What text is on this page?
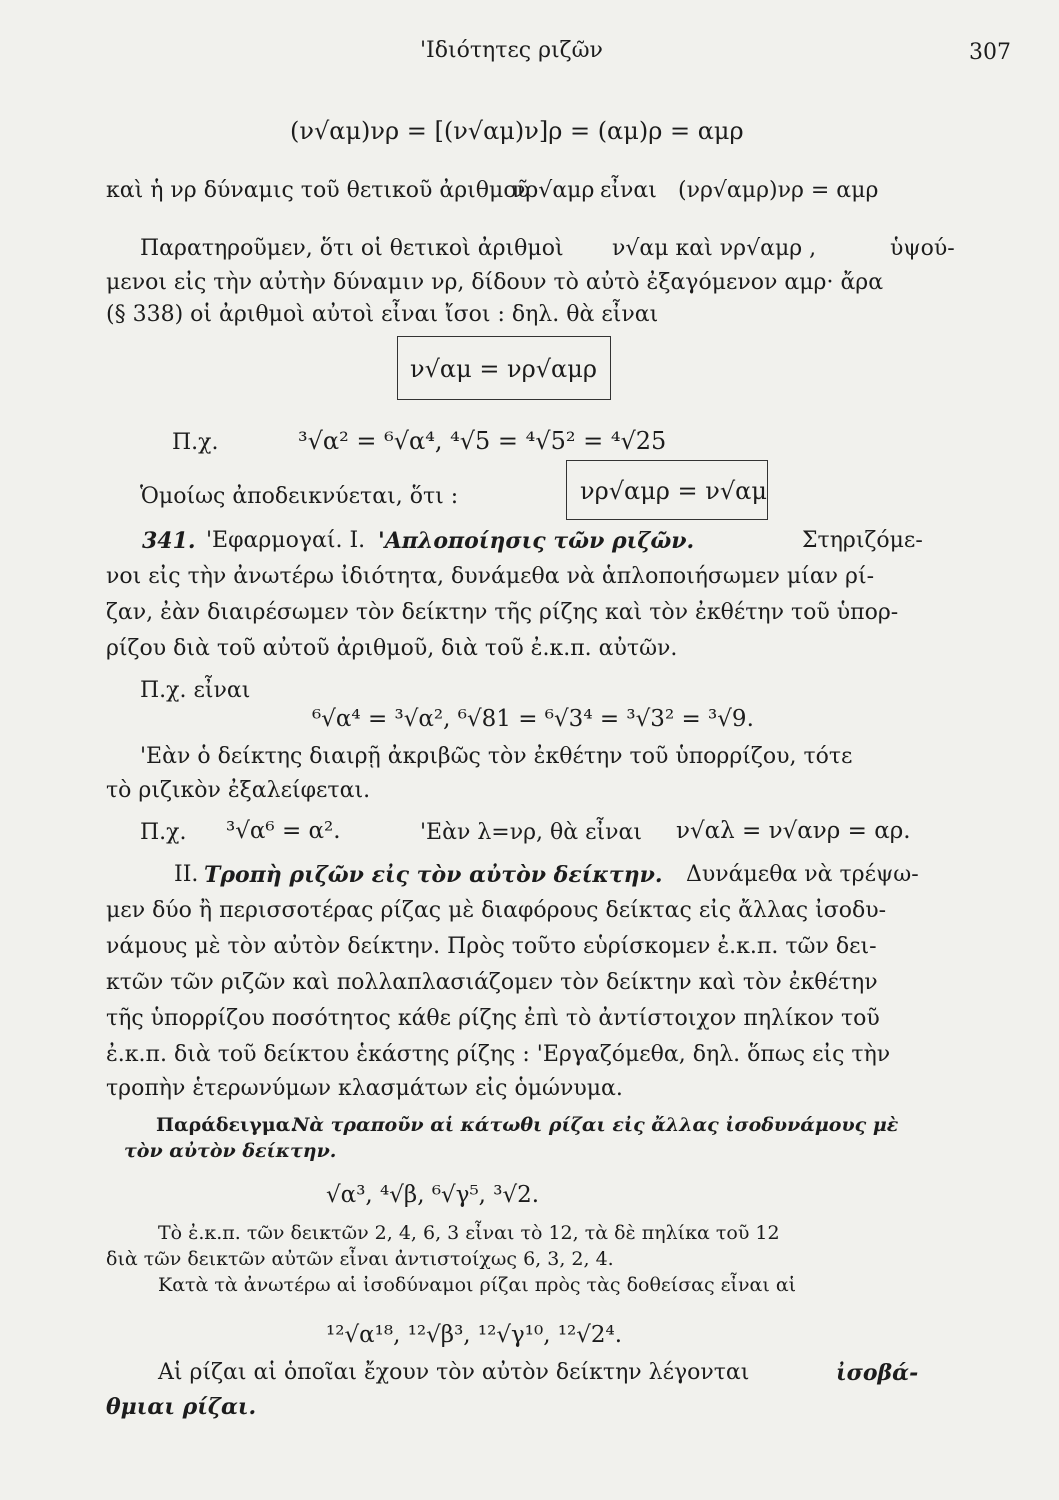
'Ιδιότητες ριζῶν	307
(ν√αμ)νρ = [(ν√αμ)ν]ρ = (αμ)ρ = αμρ
καὶ ἡ νρ δύναμις τοῦ θετικοῦ ἀριθμοῦ
νρ√αμρ εἶναι (νρ√αμρ)νρ = αμρ
Παρατηροῦμεν, ὅτι οἱ θετικοὶ ἀριθμοὶ ν√αμ καὶ νρ√αμρ ,	ὑψού-
μενοι εἰς τὴν αὐτὴν δύναμιν νρ, δίδουν τὸ αὐτὸ ἐξαγόμενον αμρ· ἄρα
(§ 338) οἱ ἀριθμοὶ αὐτοὶ εἶναι ἴσοι : δηλ. θὰ εἶναι
ν√αμ = νρ√αμρ
Π.χ.	³√α² = ⁶√α⁴, ⁴√5 = ⁴√5² = ⁴√25
Ὁμοίως ἀποδεικνύεται, ὅτι :	νρ√αμρ = ν√αμ
341. 'Εφαρμογαί. I. 'Απλοποίησις τῶν ριζῶν.	Στηριζόμε-
νοι εἰς τὴν ἀνωτέρω ἰδιότητα, δυνάμεθα νὰ ἁπλοποιήσωμεν μίαν ρί-
ζαν, ἐὰν διαιρέσωμεν τὸν δείκτην τῆς ρίζης καὶ τὸν ἐκθέτην τοῦ ὑπορ-
ρίζου διὰ τοῦ αὐτοῦ ἀριθμοῦ, διὰ τοῦ ἐ.κ.π. αὐτῶν.
Π.χ. εἶναι
⁶√α⁴ = ³√α², ⁶√81 = ⁶√3⁴ = ³√3² = ³√9.
'Εὰν ὁ δείκτης διαιρῇ ἀκριβῶς τὸν ἐκθέτην τοῦ ὑπορρίζου, τότε
τὸ ριζικὸν ἐξαλείφεται.
Π.χ. ³√α⁶ = α².	'Εὰν λ=νρ, θὰ εἶναι ν√αλ = ν√ανρ = αρ.
II. Τροπὴ ριζῶν εἰς τὸν αὐτὸν δείκτην. Δυνάμεθα νὰ τρέψω-
μεν δύο ἢ περισσοτέρας ρίζας μὲ διαφόρους δείκτας εἰς ἄλλας ἰσοδυ-
νάμους μὲ τὸν αὐτὸν δείκτην. Πρὸς τοῦτο εὑρίσκομεν ἐ.κ.π. τῶν δει-
κτῶν τῶν ριζῶν καὶ πολλαπλασιάζομεν τὸν δείκτην καὶ τὸν ἐκθέτην
τῆς ὑπορρίζου ποσότητος κάθε ρίζης ἐπὶ τὸ ἀντίστοιχον πηλίκον τοῦ
ἐ.κ.π. διὰ τοῦ δείκτου ἑκάστης ρίζης : 'Εργαζόμεθα, δηλ. ὅπως εἰς τὴν
τροπὴν ἑτερωνύμων κλασμάτων εἰς ὁμώνυμα.
Παράδειγμα.
Νὰ τραποῦν αἱ κάτωθι ρίζαι εἰς ἄλλας ἰσοδυνάμους μὲ
τὸν αὐτὸν δείκτην.
√α³, ⁴√β, ⁶√γ⁵, ³√2.
Τὸ ἐ.κ.π. τῶν δεικτῶν 2, 4, 6, 3 εἶναι τὸ 12, τὰ δὲ πηλίκα τοῦ 12
διὰ τῶν δεικτῶν αὐτῶν εἶναι ἀντιστοίχως 6, 3, 2, 4.
Κατὰ τὰ ἀνωτέρω αἱ ἰσοδύναμοι ρίζαι πρὸς τὰς δοθείσας εἶναι αἱ
¹²√α¹⁸, ¹²√β³, ¹²√γ¹⁰, ¹²√2⁴.
Αἱ ρίζαι αἱ ὁποῖαι ἔχουν τὸν αὐτὸν δείκτην λέγονται	ἰσοβά-
θμιαι ρίζαι.
